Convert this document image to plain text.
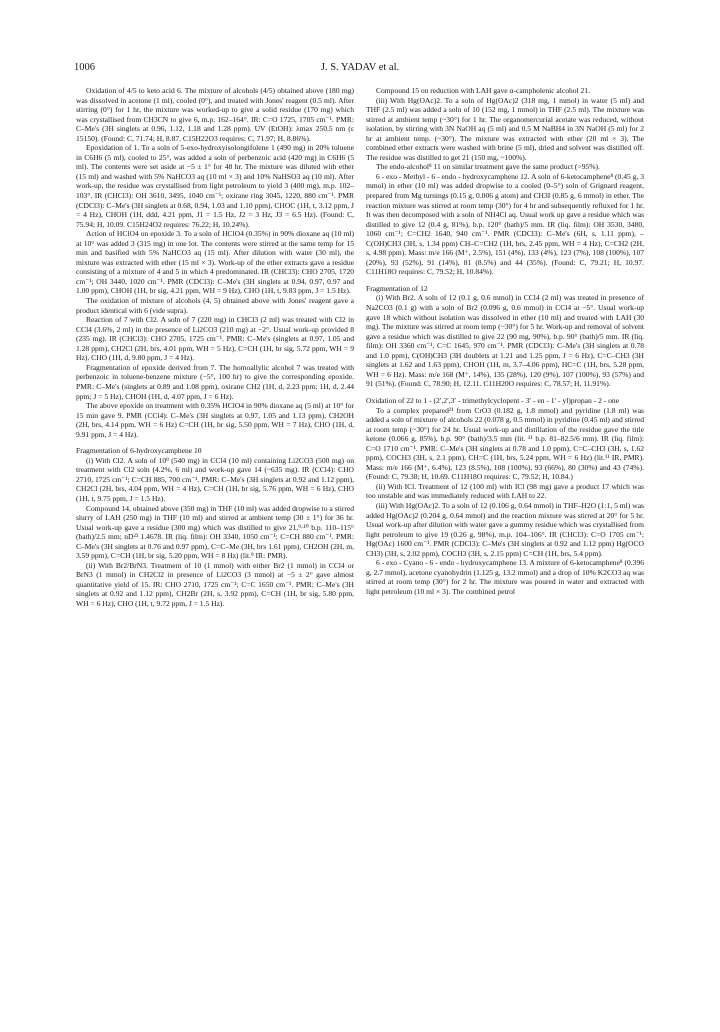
1006	J. S. YADAV et al.

Oxidation of 4/5 to keto acid 6. The mixture of alcohols (4/5) obtained above (180 mg) was dissolved in acetone (1 ml), cooled (0°), and treated with Jones' reagent (0.5 ml). After stirring (0°) for 1 hr, the mixture was worked-up to give a solid residue (170 mg) which was crystallised from CH3CN to give 6, m.p. 162–164°. IR: C=O 1725, 1705 cm⁻¹. PMR: C–Me's (3H singlets at 0.96, 1.12, 1.18 and 1.28 ppm). UV (EtOH): λmax 250.5 nm (ε 15150). (Found: C, 71.74; H, 8.87. C15H22O3 requires: C, 71.97; H, 8.86%).

Epoxidation of 1. To a soln of 5-exo-hydroxyisolongifolene 1 (490 mg) in 20% toluene in C6H6 (5 ml), cooled to 25°, was added a soln of perbenzoic acid (420 mg) in C6H6 (5 ml). The contents were set aside at −5 ± 1° for 48 hr. The mixture was diluted with ether (15 ml) and washed with 5% NaHCO3 aq (10 ml × 3) and 10% NaHSO3 aq (10 ml). After work-up, the residue was crystallised from light petroleum to yield 3 (400 mg), m.p. 102–103°. IR (CHCl3): OH 3610, 3495, 1040 cm⁻¹; oxirane ring 3045, 1220, 880 cm⁻¹. PMR (CDCl3): C–Me's (3H singlets at 0.68, 0.94, 1.03 and 1.10 ppm), CHOC (1H, t, 3.12 ppm, J = 4 Hz), CHOH (1H, ddd, 4.21 ppm, J1 = 1.5 Hz, J2 = 3 Hz, J3 = 6.5 Hz). (Found: C, 75.94; H, 10.09. C15H24O2 requires: 76.22; H, 10.24%).

Action of HClO4 on epoxide 3. To a soln of HClO4 (0.35%) in 90% dioxane aq (10 ml) at 10° was added 3 (315 mg) in one lot. The contents were stirred at the same temp for 15 min and basified with 5% NaHCO3 aq (15 ml). After dilution with water (30 ml), the mixture was extracted with ether (15 ml × 3). Work-up of the ether extracts gave a residue consisting of a mixture of 4 and 5 in which 4 predominated. IR (CHCl3): CHO 2705, 1720 cm⁻¹; OH 3440, 1020 cm⁻¹. PMR (CDCl3): C–Me's (3H singlets at 0.94, 0.97, 0.97 and 1.00 ppm), CHOH (1H, br sig, 4.21 ppm, WH = 9 Hz), CHO (1H, t, 9.83 ppm, J = 1.5 Hz).

The oxidation of mixture of alcohols (4, 5) obtained above with Jones' reagent gave a product identical with 6 (vide supra).

Reaction of 7 with Cl2. A soln of 7 (220 mg) in CHCl3 (2 ml) was treated with Cl2 in CCl4 (3.6%, 2 ml) in the presence of Li2CO3 (210 mg) at −2°. Usual work-up provided 8 (235 mg). IR (CHCl3): CHO 2705, 1725 cm⁻¹. PMR: C–Me's (singlets at 0.97, 1.05 and 1.28 ppm), CH2Cl (2H, brs, 4.01 ppm, WH = 5 Hz), C=CH (1H, br sig, 5.72 ppm, WH = 9 Hz), CHO (1H, d, 9.80 ppm, J = 4 Hz).

Fragmentation of epoxide derived from 7. The homoallylic alcohol 7 was treated with perbenzoic in toluene-benzene mixture (−5°, 100 hr) to give the corresponding epoxide. PMR: C–Me's (singlets at 0.89 and 1.08 ppm), oxirane CH2 (1H, d, 2.23 ppm; 1H, d, 2.44 ppm; J = 5 Hz), CHOH (1H, d, 4.07 ppm, J = 6 Hz).

The above epoxide on treatment with 0.35% HClO4 in 90% dioxane aq (5 ml) at 10° for 15 min gave 9. PMR (CCl4): C–Me's (3H singlets at 0.97, 1.05 and 1.13 ppm), CH2OH (2H, brs, 4.14 ppm, WH = 6 Hz) C=CH (1H, br sig, 5.50 ppm, WH = 7 Hz), CHO (1H, d, 9.91 ppm, J = 4 Hz).

Fragmentation of 6-hydroxycamphene 10

(i) With Cl2. A soln of 10⁹ (540 mg) in CCl4 (10 ml) containing Li2CO3 (500 mg) on treatment with Cl2 soln (4.2%, 6 ml) and work-up gave 14 (~635 mg). IR (CCl4): CHO 2710, 1725 cm⁻¹; C=CH 885, 700 cm⁻¹. PMR: C–Me's (3H singlets at 0.92 and 1.12 ppm), CH2Cl (2H, brs, 4.04 ppm, WH = 4 Hz), C=CH (1H, br sig, 5.76 ppm, WH = 6 Hz), CHO (1H, t, 9.75 ppm, J = 1.5 Hz).

Compound 14, obtained above (350 mg) in THF (10 ml) was added dropwise to a stirred slurry of LAH (250 mg) in THF (10 ml) and stirred at ambient temp (30 ± 1°) for 36 hr. Usual work-up gave a residue (300 mg) which was distilled to give 21,⁹·¹⁰ b.p. 110–115° (bath)/2.5 mm; nD²³ 1.4678. IR (liq. film): OH 3340, 1050 cm⁻¹; C=CH 880 cm⁻¹. PMR: C–Me's (3H singlets at 0.76 and 0.97 ppm), C=C–Me (3H, brs 1.61 ppm), CH2OH (2H, m, 3.59 ppm), C=CH (1H, br sig, 5.20 ppm, WH = 8 Hz) (lit.⁹ IR: PMR).

(ii) With Br2/BrN3. Treatment of 10 (1 mmol) with either Br2 (1 mmol) in CCl4 or BrN3 (1 mmol) in CH2Cl2 in presence of Li2CO3 (3 mmol) at −5 ± 2° gave almost quantitative yield of 15. IR: CHO 2710, 1725 cm⁻¹; C=C 1650 cm⁻¹. PMR: C–Me's (3H singlets at 0.92 and 1.12 ppm), CH2Br (2H, s, 3.92 ppm), C=CH (1H, br sig, 5.80 ppm, WH = 6 Hz), CHO (1H, t, 9.72 ppm, J = 1.5 Hz).

Compound 15 on reduction with LAH gave α-campholenic alcohol 21.

(iii) With Hg(OAc)2. To a soln of Hg(OAc)2 (318 mg, 1 mmol) in water (5 ml) and THF (2.5 ml) was added a soln of 10 (152 mg, 1 mmol) in THF (2.5 ml). The mixture was stirred at ambient temp (~30°) for 1 hr. The organomercurial acetate was reduced, without isolation, by stirring with 3N NaOH aq (5 ml) and 0.5 M NaBH4 in 3N NaOH (5 ml) for 2 hr at ambient temp. (~30°). The mixture was extracted with ether (20 ml × 3). The combined ether extracts were washed with brine (5 ml), dried and solvent was distilled off. The residue was distilled to get 21 (150 mg, ~100%).

The endo-alcohol⁸ 11 on similar treatment gave the same product (>95%).

6 - exo - Methyl - 6 - endo - hydroxycamphene 12. A soln of 6-ketocamphene⁸ (0.45 g, 3 mmol) in ether (10 ml) was added dropwise to a cooled (0–5°) soln of Grignard reagent, prepared from Mg turnings (0.15 g, 0.006 g atom) and CH3I (0.85 g, 6 mmol) in ether. The reaction mixture was stirred at room temp (30°) for 4 hr and subsequently refluxed for 1 hr. It was then decomposed with a soln of NH4Cl aq. Usual work up gave a residue which was distilled to give 12 (0.4 g, 81%), b.p. 120° (bath)/5 mm. IR (liq. film): OH 3530, 3480, 1060 cm⁻¹; C=CH2 1640, 940 cm⁻¹. PMR (CDCl3): C–Me's (6H, s, 1.11 ppm), –C(OH)CH3 (3H, s, 1.34 ppm) CH–C=CH2 (1H, brs, 2.45 ppm, WH = 4 Hz), C=CH2 (2H, s, 4.98 ppm). Mass: m/e 166 (M⁺, 2.5%), 151 (4%), 133 (4%), 123 (7%), 108 (100%), 107 (20%), 93 (52%), 91 (14%), 81 (8.5%) and 44 (35%). (Found: C, 79.21; H, 10.97. C11H18O requires: C, 79.52; H, 10.84%).

Fragmentation of 12

(i) With Br2. A soln of 12 (0.1 g, 0.6 mmol) in CCl4 (2 ml) was treated in presence of Na2CO3 (0.1 g) with a soln of Br2 (0.096 g, 0.6 mmol) in CCl4 at −5°. Usual work-up gave 18 which without isolation was dissolved in ether (10 ml) and treated with LAH (30 mg). The mixture was stirred at room temp (~30°) for 5 hr. Work-up and removal of solvent gave a residue which was distilled to give 22 (90 mg, 90%), b.p. 90° (bath)/5 mm. IR (liq. film): OH 3360 cm⁻¹, C=C 1645, 970 cm⁻¹. PMR (CDCl3): C–Me's (3H singlets at 0.78 and 1.0 ppm), C(OH)CH3 (3H doublets at 1.21 and 1.25 ppm, J = 6 Hz), C=C–CH3 (3H singlets at 1.62 and 1.63 ppm), CHOH (1H, m, 3.7–4.06 ppm), HC=C (1H, brs, 5.28 ppm, WH = 6 Hz). Mass: m/e 168 (M⁺, 14%), 135 (28%), 120 (9%), 107 (100%), 93 (57%) and 91 (51%). (Found: C, 78.90; H, 12.11. C11H20O requires: C, 78.57; H, 11.91%).

Oxidation of 22 to 1 - (2′,2′,3′ - trimethylcyclopent - 3′ - en - 1′ - yl)propan - 2 - one

To a complex prepared²¹ from CrO3 (0.182 g, 1.8 mmol) and pyridine (1.8 ml) was added a soln of mixture of alcohols 22 (0.078 g, 0.5 mmol) in pyridine (0.45 ml) and stirred at room temp (~30°) for 24 hr. Usual work-up and distillation of the residue gave the title ketone (0.066 g, 85%), b.p. 90° (bath)/3.5 mm (lit. ¹¹ b.p. 81–82.5/6 mm). IR (liq. film): C=O 1710 cm⁻¹. PMR: C–Me's (3H singlets at 0.78 and 1.0 ppm), C=C–CH3 (3H, s, 1.62 ppm), COCH3 (3H, s, 2.1 ppm), CH=C (1H, brs, 5.24 ppm, WH = 6 Hz) (lit.¹¹ IR, PMR). Mass: m/e 166 (M⁺, 6.4%), 123 (8.5%), 108 (100%), 93 (66%), 80 (30%) and 43 (74%). (Found: C, 79.38; H, 10.69. C11H18O requires: C, 79.52; H, 10.84.)

(ii) With ICl. Treatment of 12 (100 ml) with ICl (98 mg) gave a product 17 which was too unstable and was immediately reduced with LAH to 22.

(iii) With Hg(OAc)2. To a soln of 12 (0.106 g, 0.64 mmol) in THF–H2O (1:1, 5 ml) was added Hg(OAc)2 (0.204 g, 0.64 mmol) and the reaction mixture was stirred at 20° for 5 hr. Usual work-up after dilution with water gave a gummy residue which was crystallised from light petroleum to give 19 (0.26 g, 98%), m.p. 104–106°. IR (CHCl3): C=O 1705 cm⁻¹; Hg(OAc) 1600 cm⁻¹. PMR (CDCl3): C–Me's (3H singlets at 0.92 and 1.12 ppm) Hg(OCO CH3) (3H, s, 2.02 ppm), COCH3 (3H, s, 2.15 ppm) C=CH (1H, brs, 5.4 ppm).

6 - exo - Cyano - 6 - endo - hydroxycamphene 13. A mixture of 6-ketocamphene⁸ (0.396 g, 2.7 mmol), acetone cyanohydrin (1.125 g, 13.2 mmol) and a drop of 10% K2CO3 aq was stirred at room temp (30°) for 2 hr. The mixture was poured in water and extracted with light petroleum (10 ml × 3). The combined petrol
